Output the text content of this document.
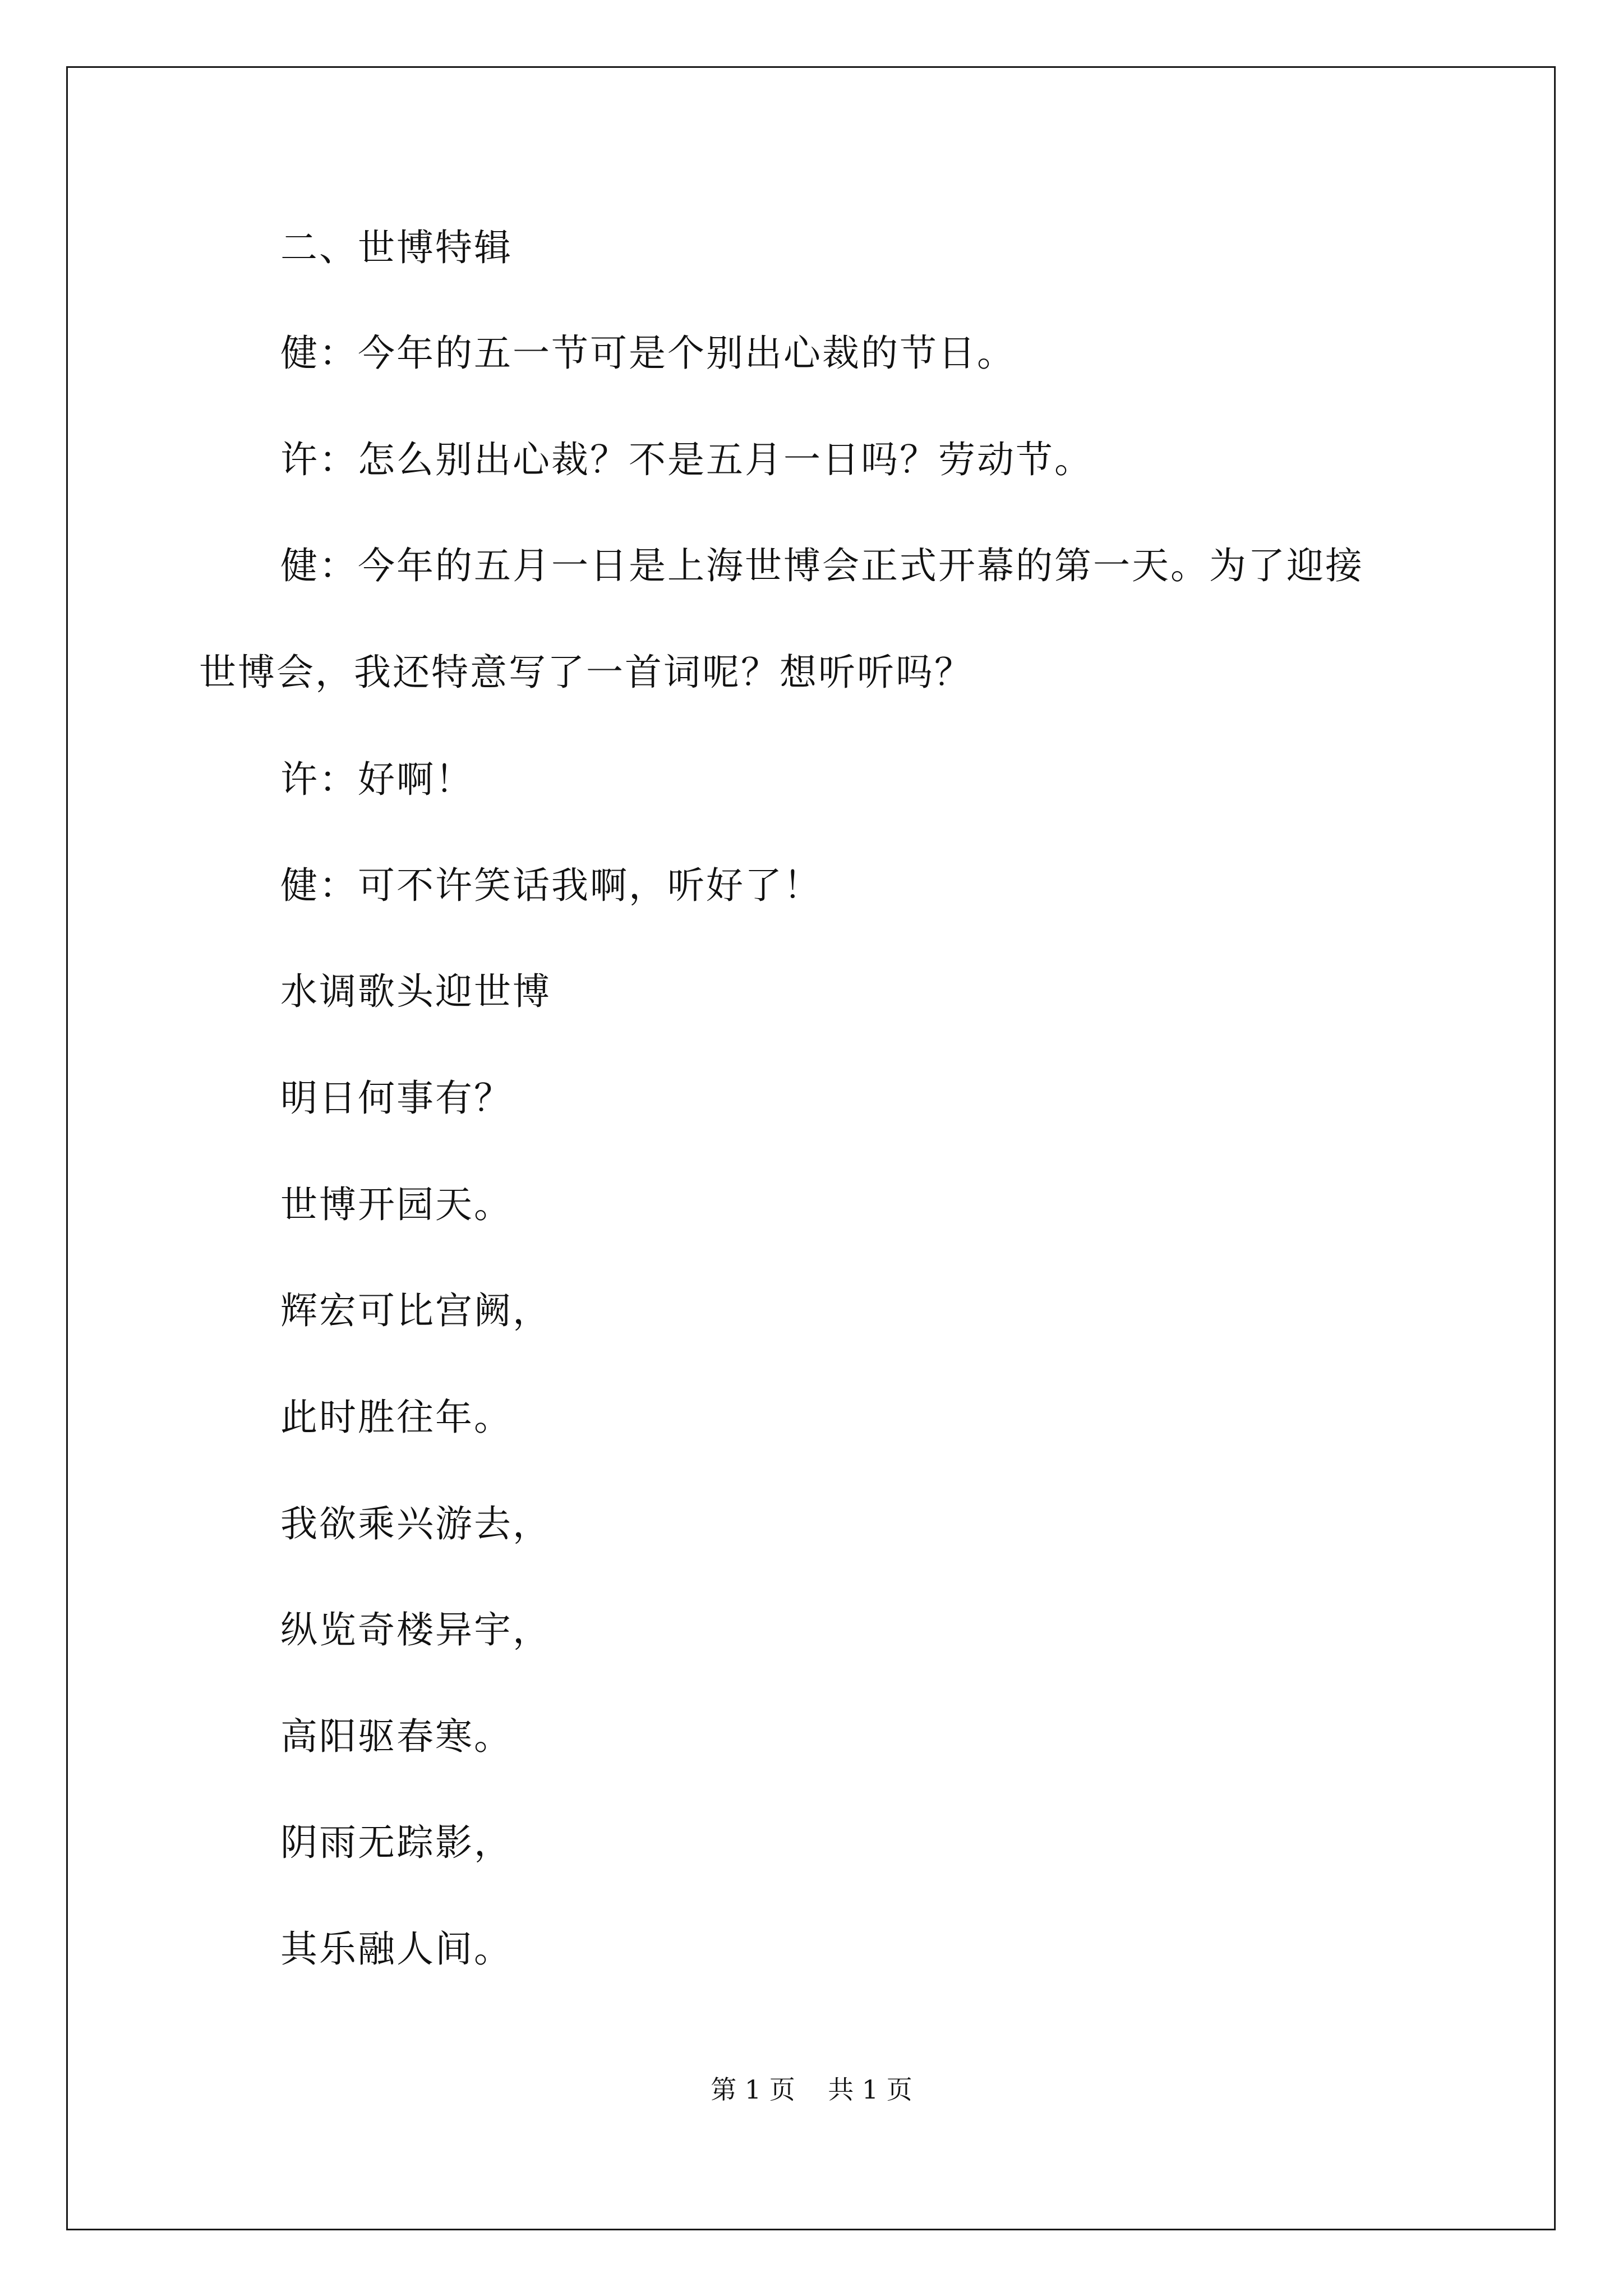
二、世博特辑
健：今年的五一节可是个别出心裁的节日。
许：怎么别出心裁？不是五月一日吗？劳动节。
健：今年的五月一日是上海世博会正式开幕的第一天。为了迎接
世博会，我还特意写了一首词呢？想听听吗？
许：好啊！
健：可不许笑话我啊，听好了！
水调歌头迎世博
明日何事有？
世博开园天。
辉宏可比宫阙，
此时胜往年。
我欲乘兴游去，
纵览奇楼异宇，
高阳驱春寒。
阴雨无踪影，
其乐融人间。
第 1 页    共 1 页
